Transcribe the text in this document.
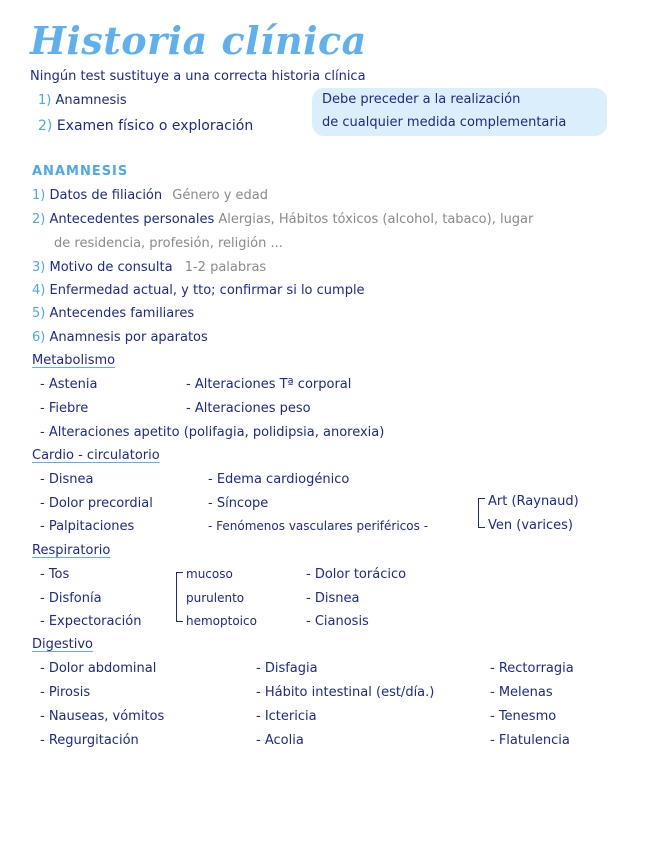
Historia clínica
Ningún test sustituye a una correcta historia clínica
1) Anamnesis
2) Examen físico o exploración
Debe preceder a la realización
de cualquier medida complementaria
ANAMNESIS
1) Datos de filiación Género y edad
2) Antecedentes personales Alergias, Hábitos tóxicos (alcohol, tabaco), lugar
de residencia, profesión, religión ...
3) Motivo de consulta 1-2 palabras
4) Enfermedad actual, y tto; confirmar si lo cumple
5) Antecendes familiares
6) Anamnesis por aparatos
Metabolismo
- Astenia
- Fiebre
- Alteraciones Tª corporal
- Alteraciones peso
- Alteraciones apetito (polifagia, polidipsia, anorexia)
Cardio - circulatorio
- Disnea
- Dolor precordial
- Palpitaciones
- Edema cardiogénico
- Síncope
- Fenómenos vasculares periféricos -
Art (Raynaud)
Ven (varices)
Respiratorio
- Tos
- Disfonía
- Expectoración
mucoso
purulento
hemoptoico
- Dolor torácico
- Disnea
- Cianosis
Digestivo
- Dolor abdominal
- Pirosis
- Nauseas, vómitos
- Regurgitación
- Disfagia
- Hábito intestinal (est/día.)
- Ictericia
- Acolia
- Rectorragia
- Melenas
- Tenesmo
- Flatulencia
